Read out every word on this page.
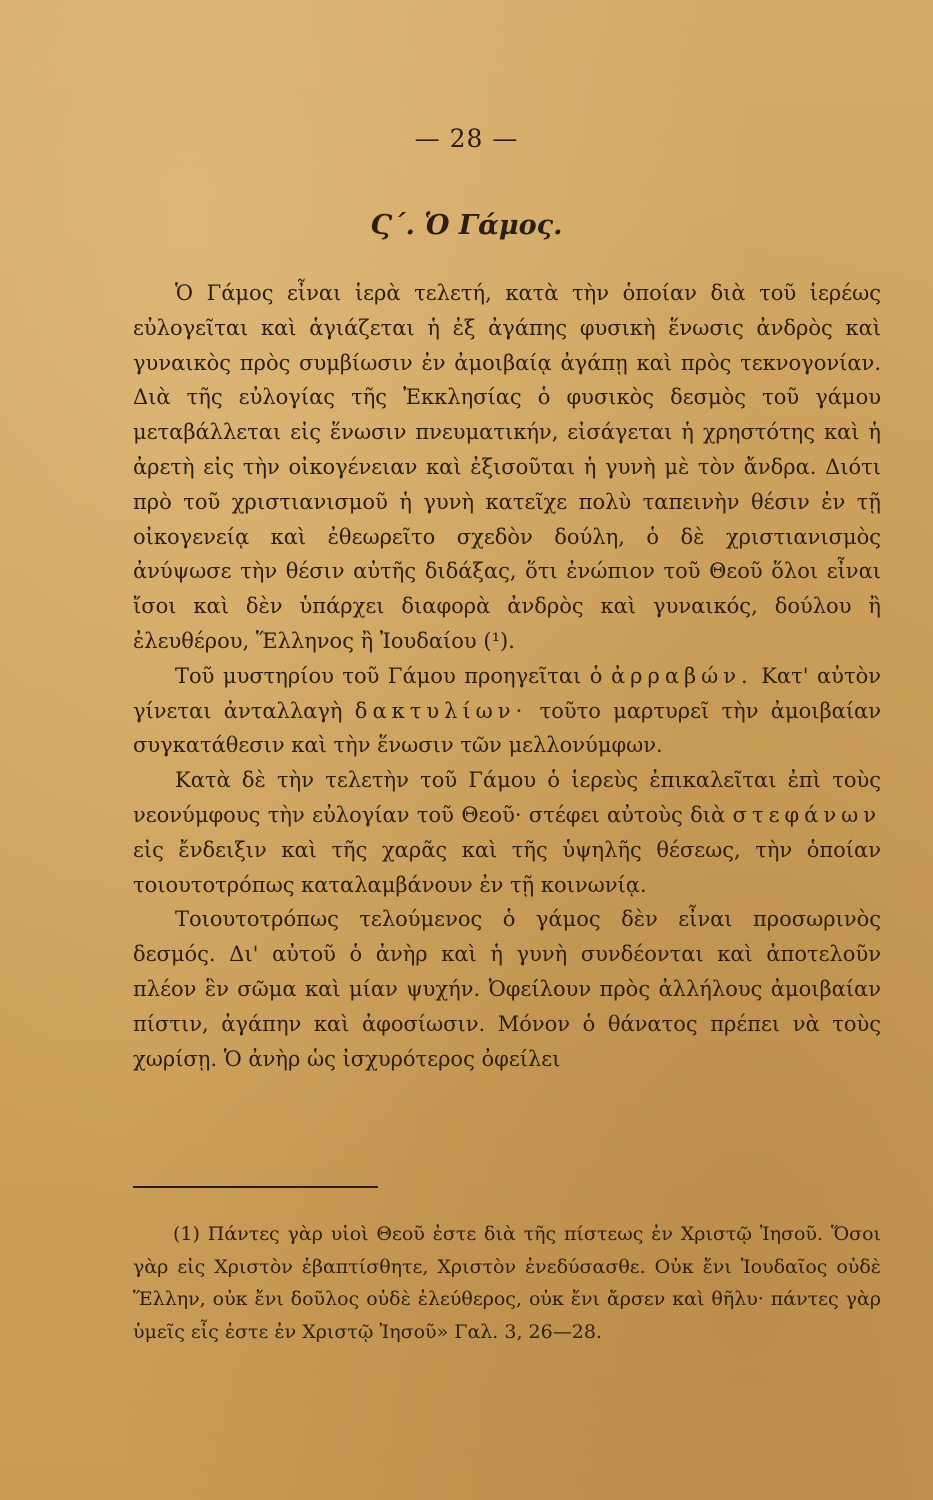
— 28 —
Ϛ΄. Ὁ Γάμος.

Ὁ Γάμος εἶναι ἱερὰ τελετή, κατὰ τὴν ὁποίαν διὰ τοῦ ἱερέως εὐλογεῖται καὶ ἁγιάζεται ἡ ἐξ ἀγάπης φυσικὴ ἕνωσις ἀνδρὸς καὶ γυναικὸς πρὸς συμβίωσιν ἐν ἀμοιβαίᾳ ἀγάπῃ καὶ πρὸς τεκνογονίαν. Διὰ τῆς εὐλογίας τῆς Ἐκκλησίας ὁ φυσικὸς δεσμὸς τοῦ γάμου μεταβάλλεται εἰς ἕνωσιν πνευματικήν, εἰσάγεται ἡ χρηστότης καὶ ἡ ἀρετὴ εἰς τὴν οἰκογένειαν καὶ ἐξισοῦται ἡ γυνὴ μὲ τὸν ἄνδρα. Διότι πρὸ τοῦ χριστιανισμοῦ ἡ γυνὴ κατεῖχε πολὺ ταπεινὴν θέσιν ἐν τῇ οἰκογενείᾳ καὶ ἐθεωρεῖτο σχεδὸν δούλη, ὁ δὲ χριστιανισμὸς ἀνύψωσε τὴν θέσιν αὐτῆς διδάξας, ὅτι ἐνώπιον τοῦ Θεοῦ ὅλοι εἶναι ἴσοι καὶ δὲν ὑπάρχει διαφορὰ ἀνδρὸς καὶ γυναικός, δούλου ἢ ἐλευθέρου, Ἕλληνος ἢ Ἰουδαίου (¹).

Τοῦ μυστηρίου τοῦ Γάμου προηγεῖται ὁ ἀρραβών. Κατ' αὐτὸν γίνεται ἀνταλλαγὴ δακτυλίων· τοῦτο μαρτυρεῖ τὴν ἀμοιβαίαν συγκατάθεσιν καὶ τὴν ἕνωσιν τῶν μελλονύμφων.

Κατὰ δὲ τὴν τελετὴν τοῦ Γάμου ὁ ἱερεὺς ἐπικαλεῖται ἐπὶ τοὺς νεονύμφους τὴν εὐλογίαν τοῦ Θεοῦ· στέφει αὐτοὺς διὰ στεφάνων εἰς ἔνδειξιν καὶ τῆς χαρᾶς καὶ τῆς ὑψηλῆς θέσεως, τὴν ὁποίαν τοιουτοτρόπως καταλαμβάνουν ἐν τῇ κοινωνίᾳ.

Τοιουτοτρόπως τελούμενος ὁ γάμος δὲν εἶναι προσωρινὸς δεσμός. Δι' αὐτοῦ ὁ ἀνὴρ καὶ ἡ γυνὴ συνδέονται καὶ ἀποτελοῦν πλέον ἓν σῶμα καὶ μίαν ψυχήν. Ὀφείλουν πρὸς ἀλλήλους ἀμοιβαίαν πίστιν, ἀγάπην καὶ ἀφοσίωσιν. Μόνον ὁ θάνατος πρέπει νὰ τοὺς χωρίσῃ. Ὁ ἀνὴρ ὡς ἰσχυρότερος ὀφείλει

(1) Πάντες γὰρ υἱοὶ Θεοῦ ἐστε διὰ τῆς πίστεως ἐν Χριστῷ Ἰησοῦ. Ὅσοι γὰρ εἰς Χριστὸν ἐβαπτίσθητε, Χριστὸν ἐνεδύσασθε. Οὐκ ἔνι Ἰουδαῖος οὐδὲ Ἕλλην, οὐκ ἔνι δοῦλος οὐδὲ ἐλεύθερος, οὐκ ἔνι ἄρσεν καὶ θῆλυ· πάντες γὰρ ὑμεῖς εἷς ἐστε ἐν Χριστῷ Ἰησοῦ» Γαλ. 3, 26—28.
